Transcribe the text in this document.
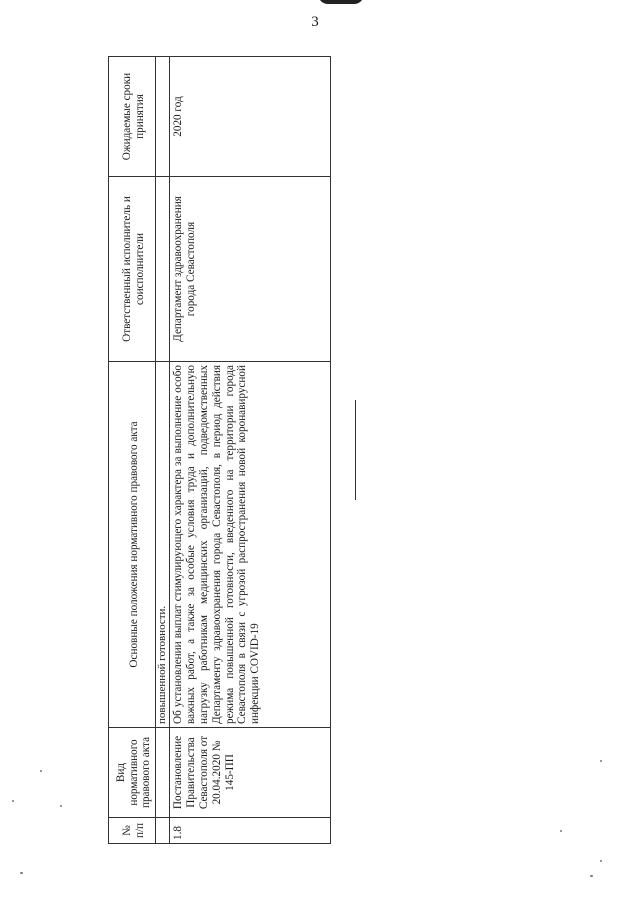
3
№ п/п	Вид нормативного правового акта	Основные положения нормативного правового акта	Ответственный исполнитель и соисполнители	Ожидаемые сроки принятия
		повышенной готовности.		
1.8	Постановление Правительства Севастополя от 20.04.2020 № 145-ПП	Об установлении выплат стимулирующего характера за выполнение особо важных работ, а также за особые условия труда и дополнительную нагрузку работникам медицинских организаций, подведомственных Департаменту здравоохранения города Севастополя, в период действия режима повышенной готовности, введенного на территории города Севастополя в связи с угрозой распространения новой коронавирусной инфекции COVID-19	Департамент здравоохранения города Севастополя	2020 год
